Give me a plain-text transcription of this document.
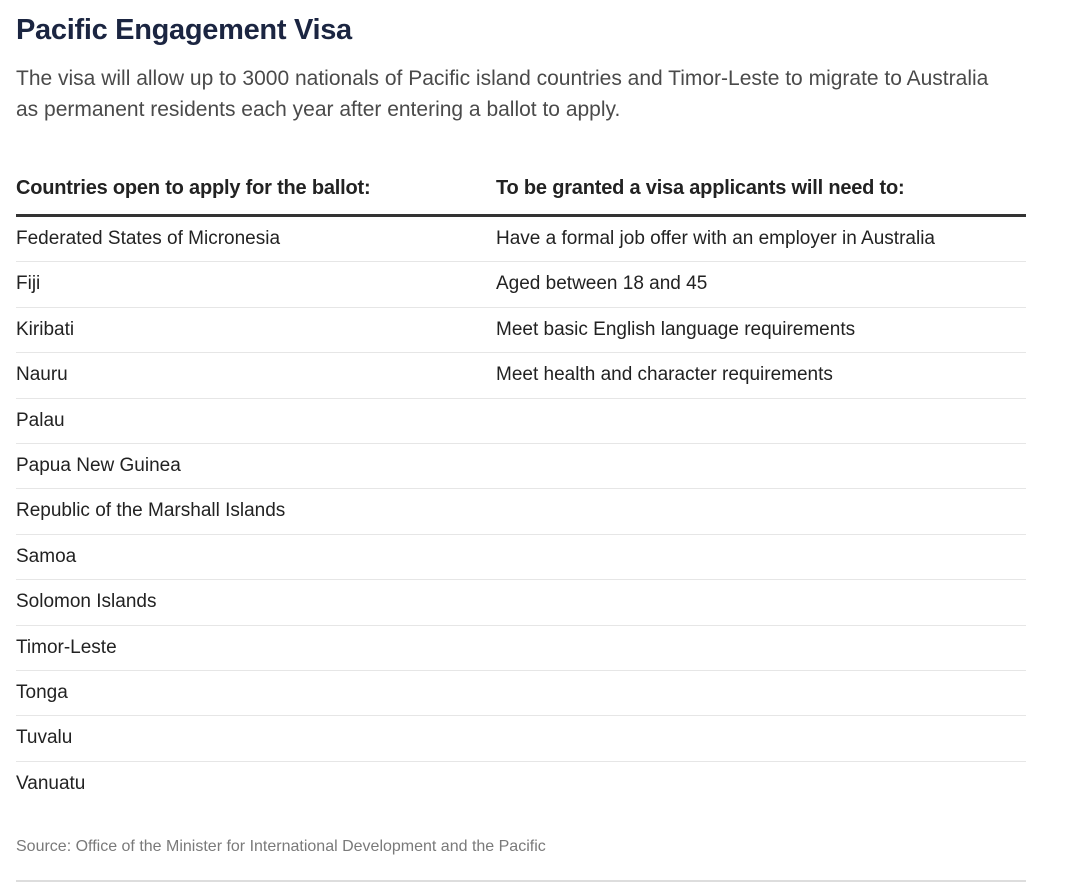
Pacific Engagement Visa

The visa will allow up to 3000 nationals of Pacific island countries and Timor-Leste to migrate to Australia as permanent residents each year after entering a ballot to apply.

Countries open to apply for the ballot:	To be granted a visa applicants will need to:
Federated States of Micronesia	Have a formal job offer with an employer in Australia
Fiji	Aged between 18 and 45
Kiribati	Meet basic English language requirements
Nauru	Meet health and character requirements
Palau
Papua New Guinea
Republic of the Marshall Islands
Samoa
Solomon Islands
Timor-Leste
Tonga
Tuvalu
Vanuatu
Source: Office of the Minister for International Development and the Pacific
